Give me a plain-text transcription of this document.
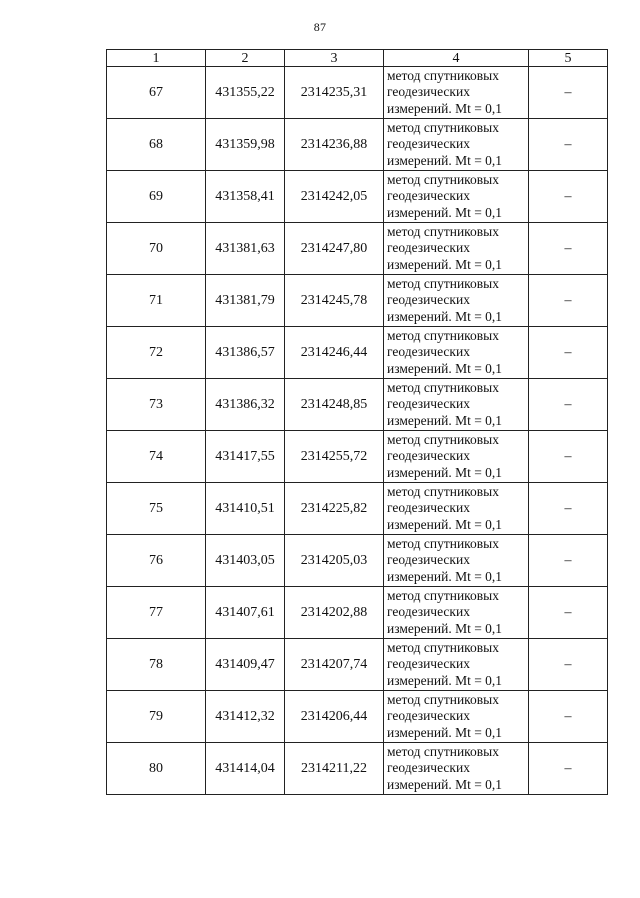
87
1	2	3	4	5
67	431355,22	2314235,31	метод спутниковых
геодезических
измерений. Mt = 0,1	–
68	431359,98	2314236,88	метод спутниковых
геодезических
измерений. Mt = 0,1	–
69	431358,41	2314242,05	метод спутниковых
геодезических
измерений. Mt = 0,1	–
70	431381,63	2314247,80	метод спутниковых
геодезических
измерений. Mt = 0,1	–
71	431381,79	2314245,78	метод спутниковых
геодезических
измерений. Mt = 0,1	–
72	431386,57	2314246,44	метод спутниковых
геодезических
измерений. Mt = 0,1	–
73	431386,32	2314248,85	метод спутниковых
геодезических
измерений. Mt = 0,1	–
74	431417,55	2314255,72	метод спутниковых
геодезических
измерений. Mt = 0,1	–
75	431410,51	2314225,82	метод спутниковых
геодезических
измерений. Mt = 0,1	–
76	431403,05	2314205,03	метод спутниковых
геодезических
измерений. Mt = 0,1	–
77	431407,61	2314202,88	метод спутниковых
геодезических
измерений. Mt = 0,1	–
78	431409,47	2314207,74	метод спутниковых
геодезических
измерений. Mt = 0,1	–
79	431412,32	2314206,44	метод спутниковых
геодезических
измерений. Mt = 0,1	–
80	431414,04	2314211,22	метод спутниковых
геодезических
измерений. Mt = 0,1	–
